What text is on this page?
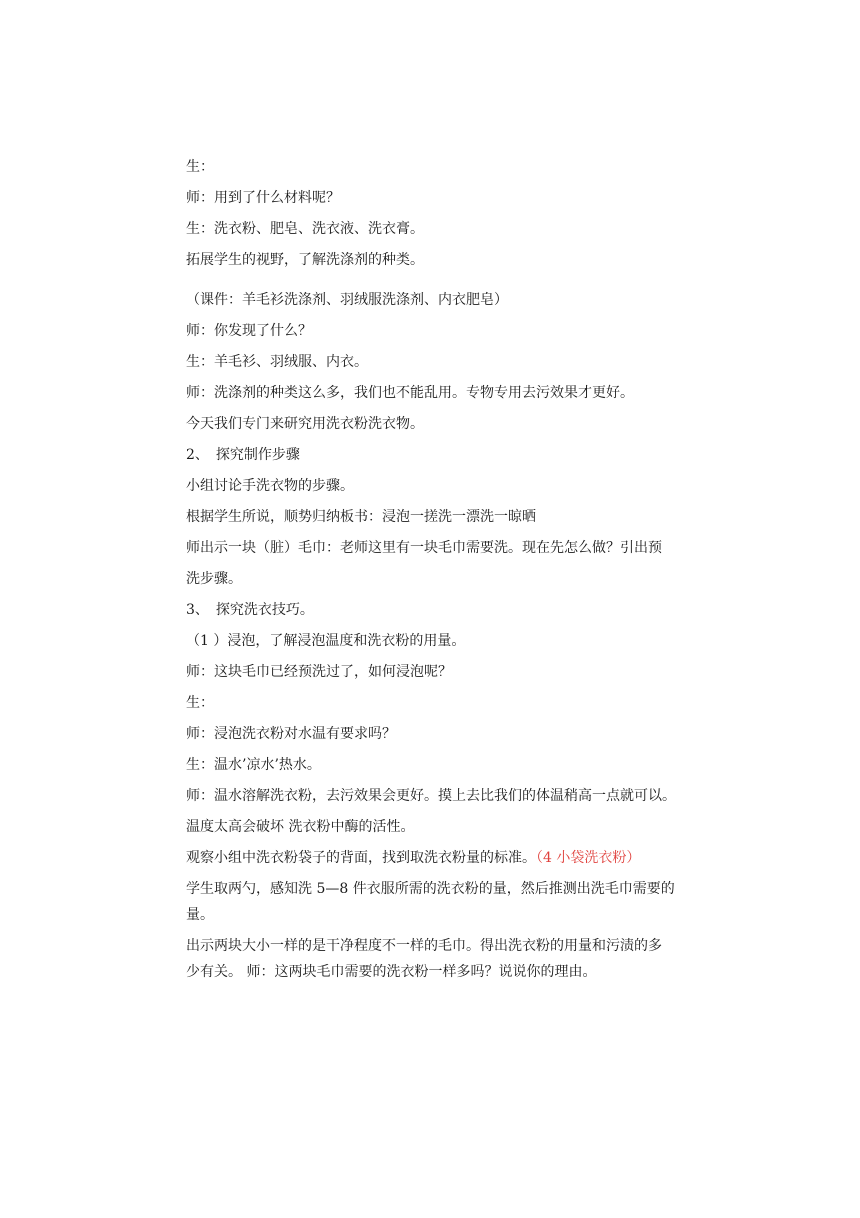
生：

师：用到了什么材料呢？

生：洗衣粉、肥皂、洗衣液、洗衣膏。

拓展学生的视野，了解洗涤剂的种类。

（课件：羊毛衫洗涤剂、羽绒服洗涤剂、内衣肥皂）

师：你发现了什么？

生：羊毛衫、羽绒服、内衣。

师：洗涤剂的种类这么多，我们也不能乱用。专物专用去污效果才更好。

今天我们专门来研究用洗衣粉洗衣物。

2、　探究制作步骤

小组讨论手洗衣物的步骤。

根据学生所说，顺势归纳板书：浸泡一搓洗一漂洗一晾晒

师出示一块（脏）毛巾：老师这里有一块毛巾需要洗。现在先怎么做？引出预

洗步骤。

3、　探究洗衣技巧。

（1 ）浸泡，了解浸泡温度和洗衣粉的用量。

师：这块毛巾已经预洗过了，如何浸泡呢？

生：

师：浸泡洗衣粉对水温有要求吗？

生：温水’凉水’热水。

师：温水溶解洗衣粉，去污效果会更好。摸上去比我们的体温稍高一点就可以。

温度太高会破坏 洗衣粉中酶的活性。

观察小组中洗衣粉袋子的背面，找到取洗衣粉量的标准。（4 小袋洗衣粉）

学生取两勺，感知洗 5—8 件衣服所需的洗衣粉的量，然后推测出洗毛巾需要的

量。

出示两块大小一样的是干净程度不一样的毛巾。得出洗衣粉的用量和污渍的多

少有关。 师：这两块毛巾需要的洗衣粉一样多吗？说说你的理由。
